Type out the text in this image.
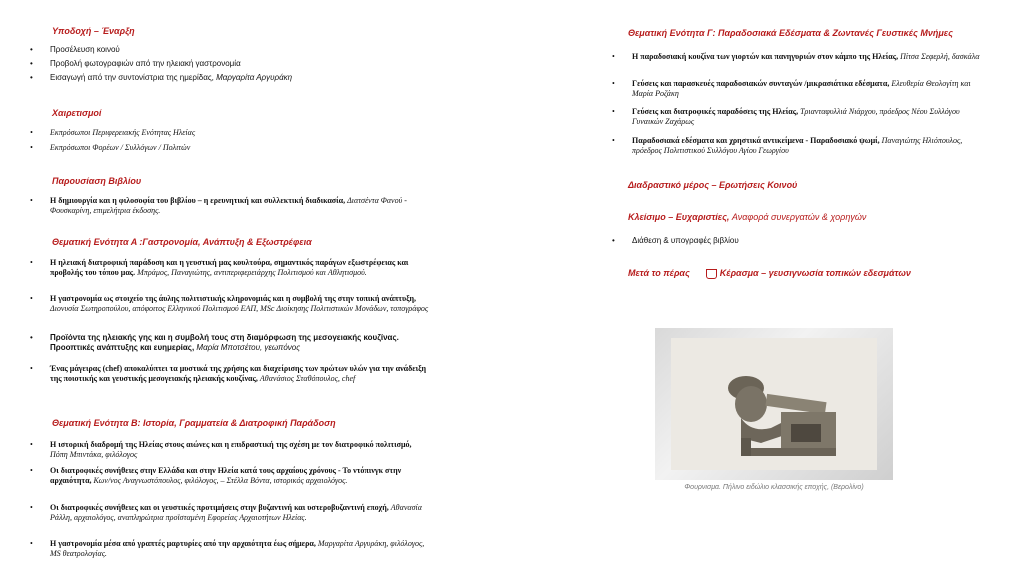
Υποδοχή – Έναρξη
•	Προσέλευση κοινού
•	Προβολή φωτογραφιών από την ηλειακή γαστρονομία
•	Εισαγωγή από την συντονίστρια της ημερίδας, Μαργαρίτα Αργυράκη
Χαιρετισμοί
•	Εκπρόσωποι Περιφερειακής Ενότητας Ηλείας
•	Εκπρόσωποι Φορέων / Συλλόγων / Πολιτών
Παρουσίαση Βιβλίου
•	Η δημιουργία και η φιλοσοφία του βιβλίου – η ερευνητική και συλλεκτική διαδικασία, Διατσέντα Φανού - Φουσκαρίνη, επιμελήτρια έκδοσης.
Θεματική Ενότητα Α :Γαστρονομία, Ανάπτυξη & Εξωστρέφεια
•	Η ηλειακή διατροφική παράδοση και η γευστική μας κουλτούρα, σημαντικός παράγων εξωστρέφειας και προβολής του τόπου μας. Μπράμος, Παναγιώτης, αντιπεριφερειάρχης Πολιτισμού και Αθλητισμού.
•	Η γαστρονομία ως στοιχείο της άυλης πολιτιστικής κληρονομιάς και η συμβολή της στην τοπική ανάπτυξη, Διονυσία Σωτηροπούλου, απόφοιτος Ελληνικού Πολιτισμού ΕΑΠ, MSc Διοίκησης Πολιτιστικών Μονάδων, τοπογράφος
•	Προϊόντα της ηλειακής γης και η συμβολή τους στη διαμόρφωση της μεσογειακής κουζίνας. Προοπτικές ανάπτυξης και ευημερίας, Μαρία Μποτσέτου, γεωπόνος
•	Ένας μάγειρας (chef) αποκαλύπτει τα μυστικά της χρήσης και διαχείρισης των πρώτων υλών για την ανάδειξη της ποιοτικής και γευστικής μεσογειακής ηλειακής κουζίνας, Αθανάσιος Σταθόπουλος, chef
Θεματική Ενότητα Β: Ιστορία, Γραμματεία & Διατροφική Παράδοση
•	Η ιστορική διαδρομή της Ηλείας στους αιώνες και η επιδραστική της σχέση με τον διατροφικό πολιτισμό, Πόπη Μπιντάκα, φιλόλογος
•	Οι διατροφικές συνήθειες στην Ελλάδα και στην Ηλεία κατά τους αρχαίους χρόνους - Το ντόπινγκ στην αρχαιότητα, Κων/νος Αναγνωστόπουλος, φιλόλογος, – Στέλλα Βόντα, ιστορικός αρχαιολόγος.
•	Οι διατροφικές συνήθειες και οι γευστικές προτιμήσεις στην βυζαντινή και υστεροβυζαντινή εποχή, Αθανασία Ράλλη, αρχαιολόγος, αναπληρώτρια προϊσταμένη Εφορείας Αρχαιοτήτων Ηλείας.
•	Η γαστρονομία μέσα από γραπτές μαρτυρίες από την αρχαιότητα έως σήμερα, Μαργαρίτα Αργυράκη, φιλόλογος, MS θεατρολογίας.
Θεματική Ενότητα Γ: Παραδοσιακά Εδέσματα & Ζωντανές Γευστικές Μνήμες
•	Η παραδοσιακή κουζίνα των γιορτών και πανηγυριών στον κάμπο της Ηλείας, Πίτσα Σεφερλή, δασκάλα
•	Γεύσεις και παρασκευές παραδοσιακών συνταγών /μικρασιάτικα εδέσματα, Ελευθερία Θεολογίτη και Μαρία Ροζάκη
•	Γεύσεις και διατροφικές παραδόσεις της Ηλείας, Τριανταφυλλιά Νιάρχου, πρόεδρος Νέου Συλλόγου Γυναικών Ζαχάρως
•	Παραδοσιακά εδέσματα και χρηστικά αντικείμενα - Παραδοσιακό ψωμί, Παναγιώτης Ηλιόπουλος, πρόεδρος Πολιτιστικού Συλλόγου Αγίου Γεωργίου
Διαδραστικό μέρος – Ερωτήσεις Κοινού
Κλείσιμο – Ευχαριστίες, Αναφορά συνεργατών & χορηγών
•	Διάθεση & υπογραφές βιβλίου
Μετά το πέρας	Κέρασμα – γευσιγνωσία τοπικών εδεσμάτων
Φουρνισμα. Πήλινο ειδώλιο κλασσικής εποχής, (Βερολίνο)
